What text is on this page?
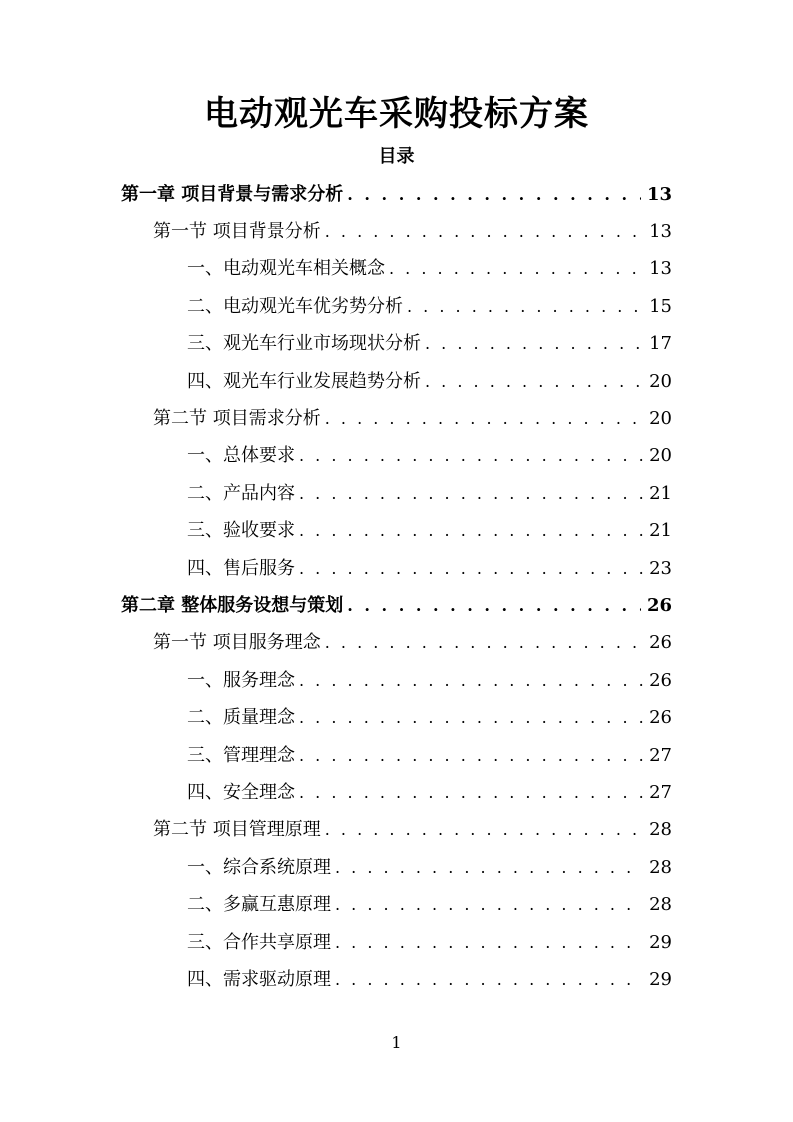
电动观光车采购投标方案
目录
第一章 项目背景与需求分析 . . .	13
第一节 项目背景分析 . . .	13
一、电动观光车相关概念 . . .	13
二、电动观光车优劣势分析 . . .	15
三、观光车行业市场现状分析 . . .	17
四、观光车行业发展趋势分析 . . .	20
第二节 项目需求分析 . . .	20
一、总体要求 . . .	20
二、产品内容 . . .	21
三、验收要求 . . .	21
四、售后服务 . . .	23
第二章 整体服务设想与策划 . . .	26
第一节 项目服务理念 . . .	26
一、服务理念 . . .	26
二、质量理念 . . .	26
三、管理理念 . . .	27
四、安全理念 . . .	27
第二节 项目管理原理 . . .	28
一、综合系统原理 . . .	28
二、多赢互惠原理 . . .	28
三、合作共享原理 . . .	29
四、需求驱动原理 . . .	29
1
